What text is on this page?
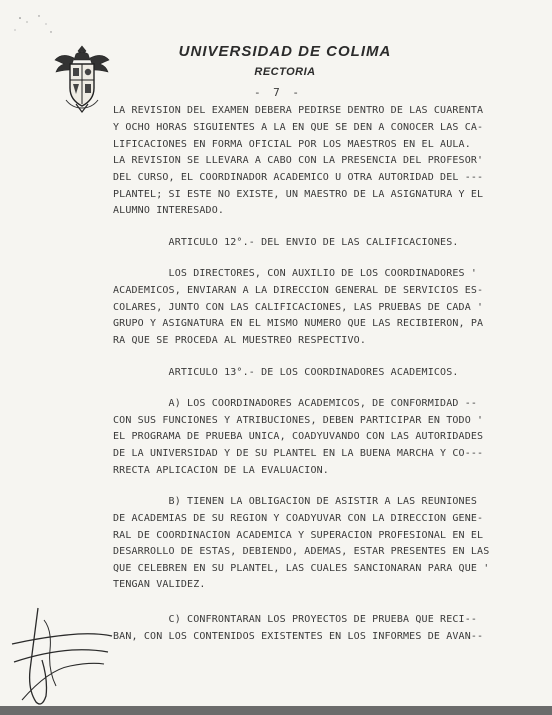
UNIVERSIDAD DE COLIMA
RECTORIA
- 7 -
LA REVISION DEL EXAMEN DEBERA PEDIRSE DENTRO DE LAS CUARENTA
Y OCHO HORAS SIGUIENTES A LA EN QUE SE DEN A CONOCER LAS CA-
LIFICACIONES EN FORMA OFICIAL POR LOS MAESTROS EN EL AULA.
LA REVISION SE LLEVARA A CABO CON LA PRESENCIA DEL PROFESOR'
DEL CURSO, EL COORDINADOR ACADEMICO U OTRA AUTORIDAD DEL ---
PLANTEL; SI ESTE NO EXISTE, UN MAESTRO DE LA ASIGNATURA Y EL
ALUMNO INTERESADO.
ARTICULO 12°.- DEL ENVIO DE LAS CALIFICACIONES.
LOS DIRECTORES, CON AUXILIO DE LOS COORDINADORES '
ACADEMICOS, ENVIARAN A LA DIRECCION GENERAL DE SERVICIOS ES-
COLARES, JUNTO CON LAS CALIFICACIONES, LAS PRUEBAS DE CADA '
GRUPO Y ASIGNATURA EN EL MISMO NUMERO QUE LAS RECIBIERON, PA
RA QUE SE PROCEDA AL MUESTREO RESPECTIVO.
ARTICULO 13°.- DE LOS COORDINADORES ACADEMICOS.
A) LOS COORDINADORES ACADEMICOS, DE CONFORMIDAD --
CON SUS FUNCIONES Y ATRIBUCIONES, DEBEN PARTICIPAR EN TODO '
EL PROGRAMA DE PRUEBA UNICA, COADYUVANDO CON LAS AUTORIDADES
DE LA UNIVERSIDAD Y DE SU PLANTEL EN LA BUENA MARCHA Y CO---
RRECTA APLICACION DE LA EVALUACION.
B) TIENEN LA OBLIGACION DE ASISTIR A LAS REUNIONES
DE ACADEMIAS DE SU REGION Y COADYUVAR CON LA DIRECCION GENE-
RAL DE COORDINACION ACADEMICA Y SUPERACION PROFESIONAL EN EL
DESARROLLO DE ESTAS, DEBIENDO, ADEMAS, ESTAR PRESENTES EN LAS
QUE CELEBREN EN SU PLANTEL, LAS CUALES SANCIONARAN PARA QUE '
TENGAN VALIDEZ.
C) CONFRONTARAN LOS PROYECTOS DE PRUEBA QUE RECI--
BAN, CON LOS CONTENIDOS EXISTENTES EN LOS INFORMES DE AVAN--
